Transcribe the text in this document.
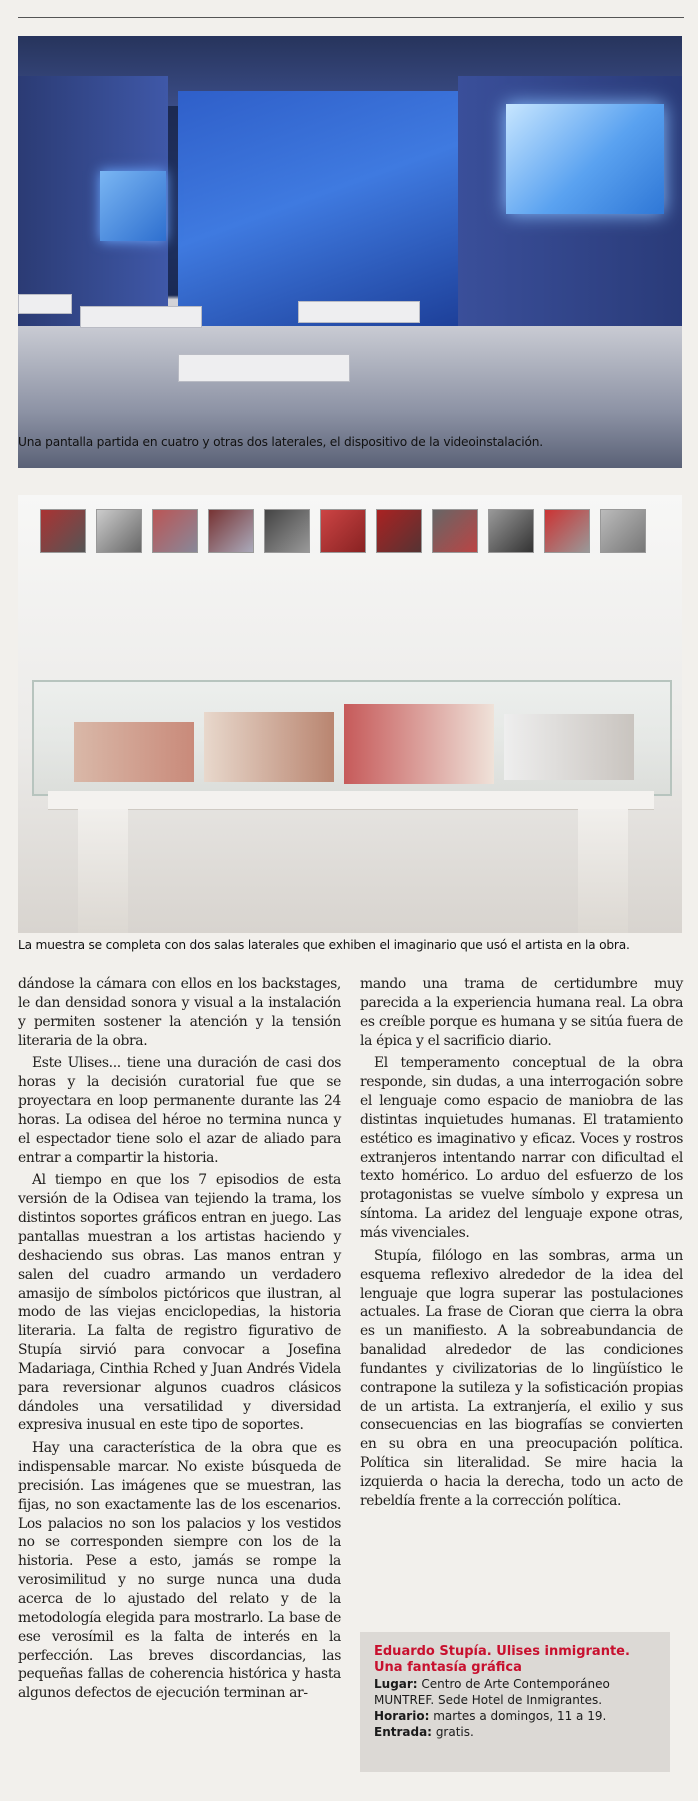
Una pantalla partida en cuatro y otras dos laterales, el dispositivo de la videoinstalación.
La muestra se completa con dos salas laterales que exhiben el imaginario que usó el artista en la obra.

dándose la cámara con ellos en los backstages, le dan densidad sonora y visual a la instalación y permiten sostener la atención y la tensión literaria de la obra.

Este Ulises... tiene una duración de casi dos horas y la decisión curatorial fue que se proyectara en loop permanente durante las 24 horas. La odisea del héroe no termina nunca y el espectador tiene solo el azar de aliado para entrar a compartir la historia.

Al tiempo en que los 7 episodios de esta versión de la Odisea van tejiendo la trama, los distintos soportes gráficos entran en juego. Las pantallas muestran a los artistas haciendo y deshaciendo sus obras. Las manos entran y salen del cuadro armando un verdadero amasijo de símbolos pictóricos que ilustran, al modo de las viejas enciclopedias, la historia literaria. La falta de registro figurativo de Stupía sirvió para convocar a Josefina Madariaga, Cinthia Rched y Juan Andrés Videla para reversionar algunos cuadros clásicos dándoles una versatilidad y diversidad expresiva inusual en este tipo de soportes.

Hay una característica de la obra que es indispensable marcar. No existe búsqueda de precisión. Las imágenes que se muestran, las fijas, no son exactamente las de los escenarios. Los palacios no son los palacios y los vestidos no se corresponden siempre con los de la historia. Pese a esto, jamás se rompe la verosimilitud y no surge nunca una duda acerca de lo ajustado del relato y de la metodología elegida para mostrarlo. La base de ese verosímil es la falta de interés en la perfección. Las breves discordancias, las pequeñas fallas de coherencia histórica y hasta algunos defectos de ejecución terminan ar-

mando una trama de certidumbre muy parecida a la experiencia humana real. La obra es creíble porque es humana y se sitúa fuera de la épica y el sacrificio diario.

El temperamento conceptual de la obra responde, sin dudas, a una interrogación sobre el lenguaje como espacio de maniobra de las distintas inquietudes humanas. El tratamiento estético es imaginativo y eficaz. Voces y rostros extranjeros intentando narrar con dificultad el texto homérico. Lo arduo del esfuerzo de los protagonistas se vuelve símbolo y expresa un síntoma. La aridez del lenguaje expone otras, más vivenciales.

Stupía, filólogo en las sombras, arma un esquema reflexivo alrededor de la idea del lenguaje que logra superar las postulaciones actuales. La frase de Cioran que cierra la obra es un manifiesto. A la sobreabundancia de banalidad alrededor de las condiciones fundantes y civilizatorias de lo lingüístico le contrapone la sutileza y la sofisticación propias de un artista. La extranjería, el exilio y sus consecuencias en las biografías se convierten en su obra en una preocupación política. Política sin literalidad. Se mire hacia la izquierda o hacia la derecha, todo un acto de rebeldía frente a la corrección política.

Eduardo Stupía. Ulises inmigrante. Una fantasía gráfica
Lugar: Centro de Arte Contemporáneo MUNTREF. Sede Hotel de Inmigrantes.
Horario: martes a domingos, 11 a 19.
Entrada: gratis.
